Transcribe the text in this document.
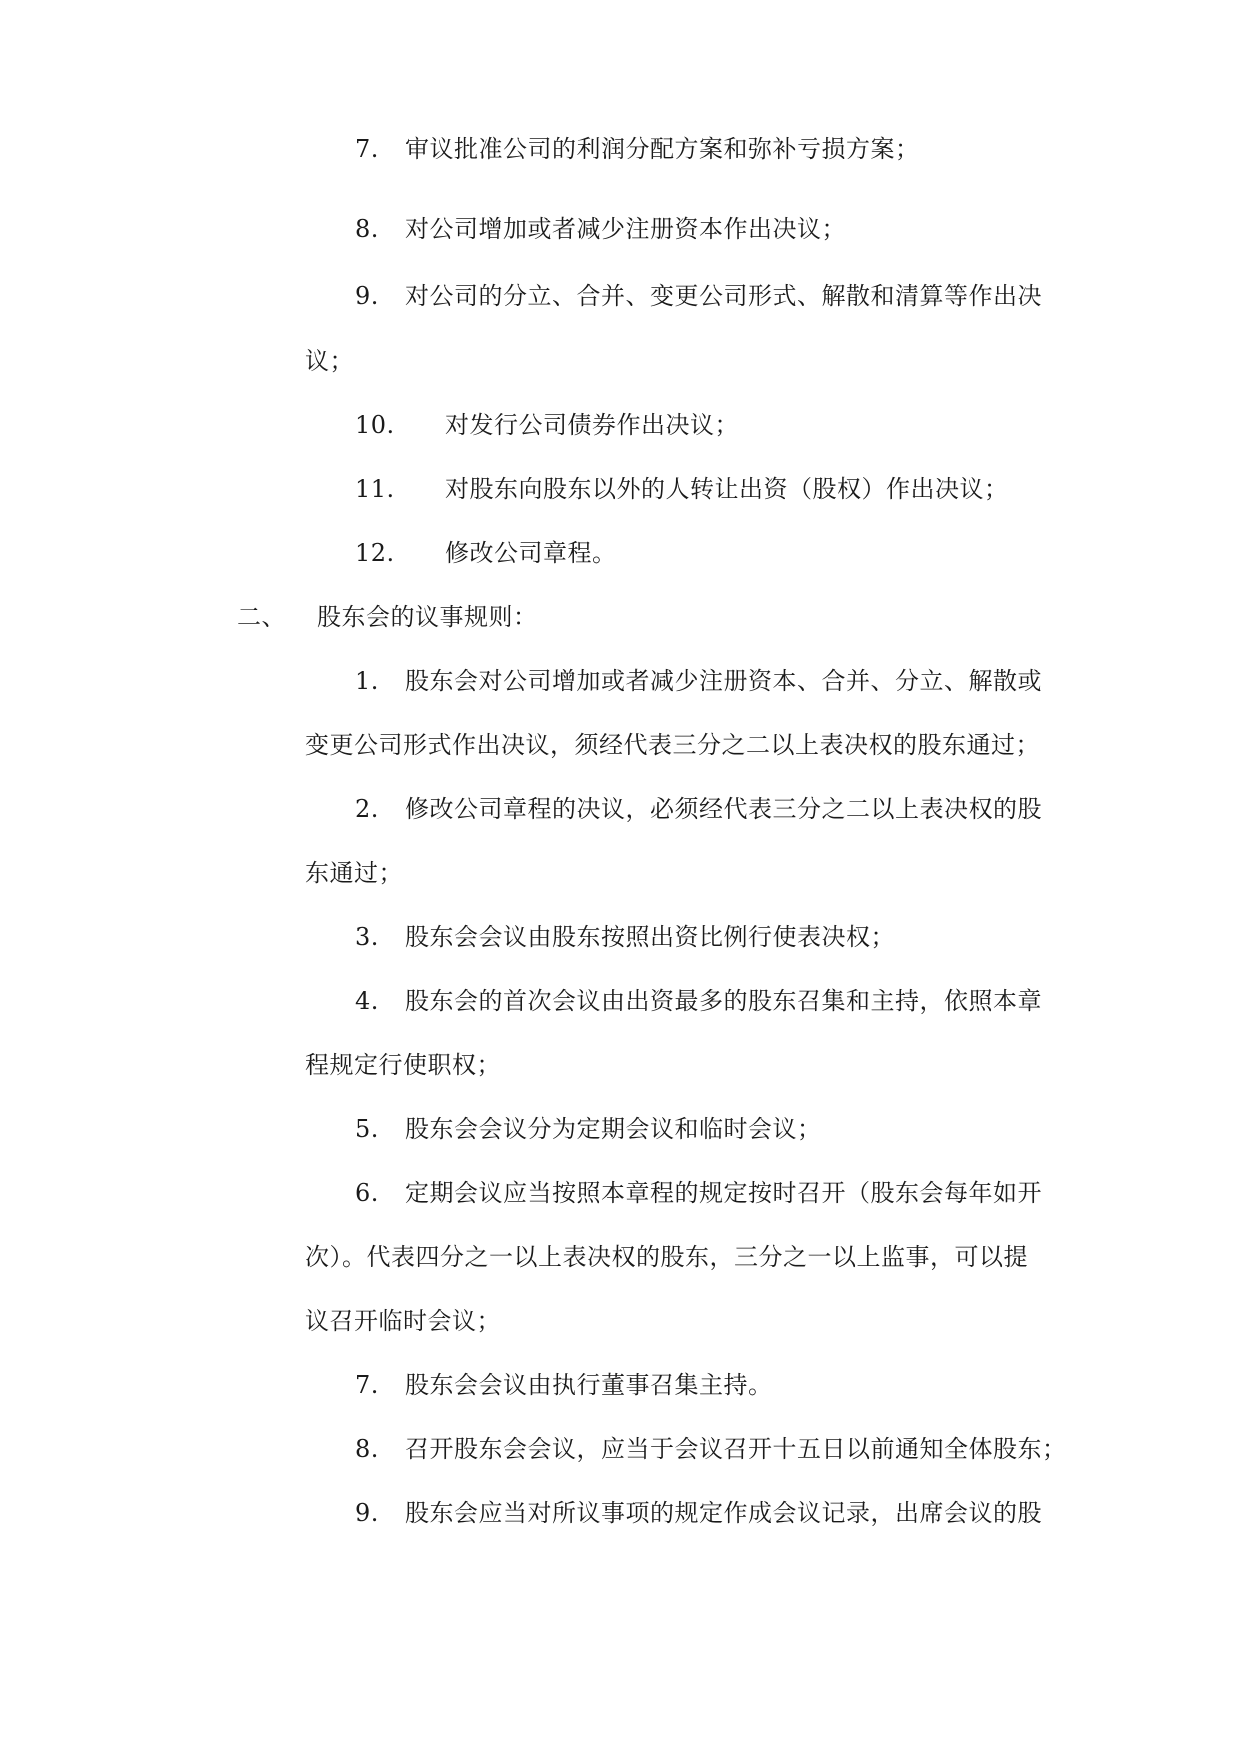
7. 审议批准公司的利润分配方案和弥补亏损方案；
8. 对公司增加或者减少注册资本作出决议；
9. 对公司的分立、合并、变更公司形式、解散和清算等作出决
议；
10. 对发行公司债券作出决议；
11. 对股东向股东以外的人转让出资（股权）作出决议；
12. 修改公司章程。
二、 股东会的议事规则：
1. 股东会对公司增加或者减少注册资本、合并、分立、解散或
变更公司形式作出决议，须经代表三分之二以上表决权的股东通过；
2. 修改公司章程的决议，必须经代表三分之二以上表决权的股
东通过；
3. 股东会会议由股东按照出资比例行使表决权；
4. 股东会的首次会议由出资最多的股东召集和主持，依照本章
程规定行使职权；
5. 股东会会议分为定期会议和临时会议；
6. 定期会议应当按照本章程的规定按时召开（股东会每年如开
次）。代表四分之一以上表决权的股东，三分之一以上监事，可以提
议召开临时会议；
7. 股东会会议由执行董事召集主持。
8. 召开股东会会议，应当于会议召开十五日以前通知全体股东；
9. 股东会应当对所议事项的规定作成会议记录，出席会议的股
